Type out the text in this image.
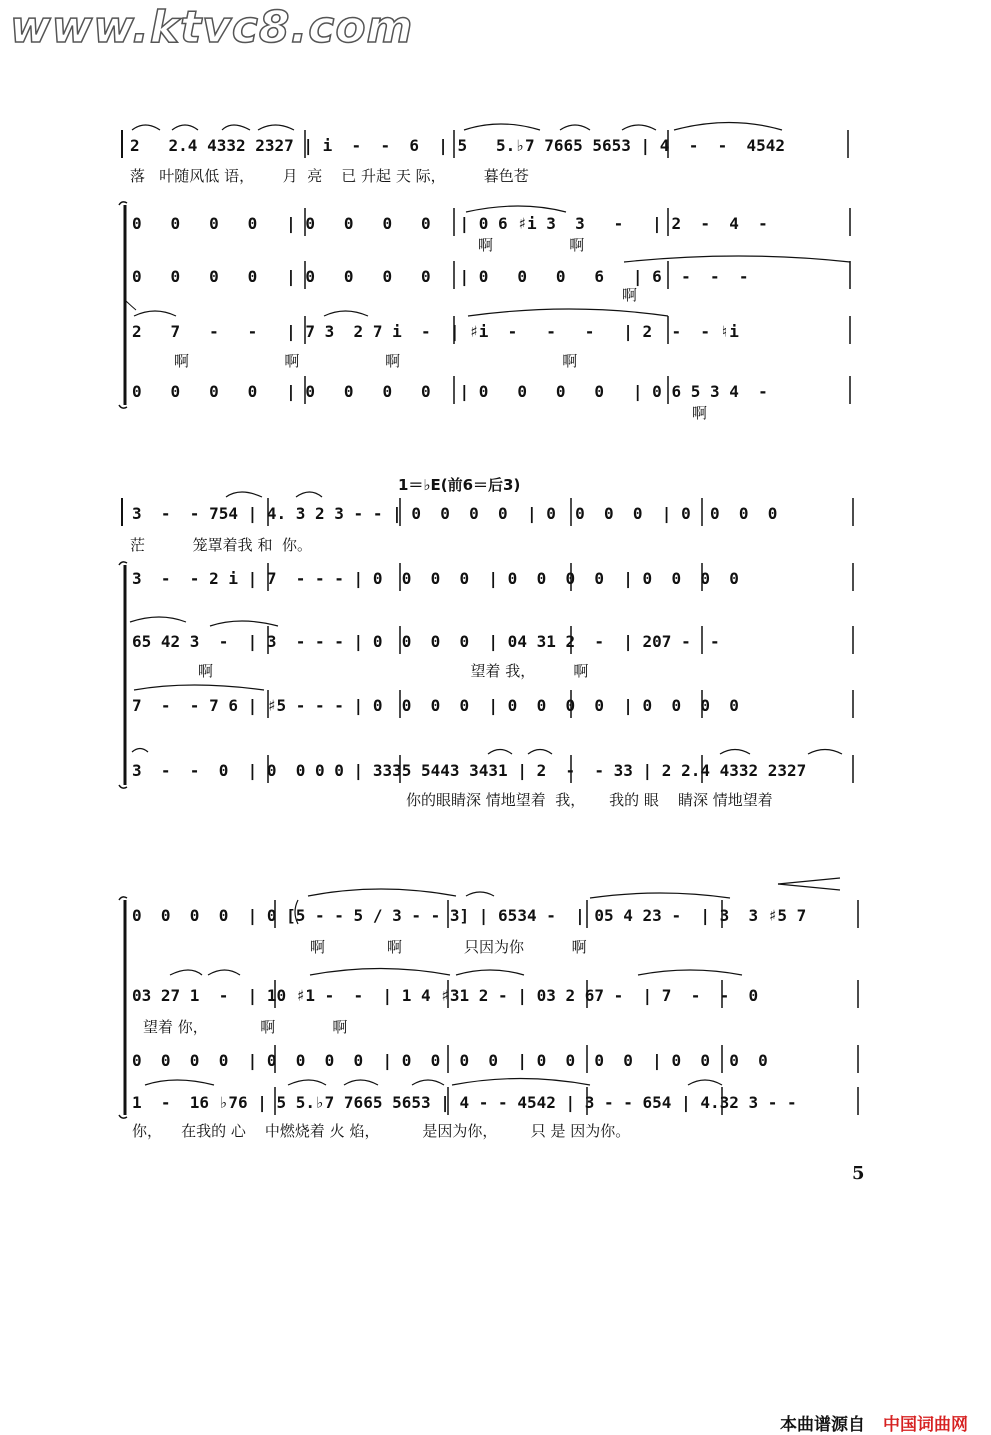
www.ktvc8.com
2   2.4 4332 2327 | i  -  -  6  | 5   5.♭7 7665 5653 | 4  -  -  4542
落   叶随风低 语，      月  亮    已 升起 天 际，        暮色苍
0   0   0   0   | 0   0   0   0   | 0 6 ♯i 3  3   -   | 2  -  4  -
啊                啊
0   0   0   0   | 0   0   0   0   | 0   0   0   6   | 6  -  -  -
啊
2   7   -   -   | 7 3  2 7 i  -  | ♯i  -   -   -   | 2  -  - ♮i
啊                    啊                  啊                                  啊
0   0   0   0   | 0   0   0   0   | 0   0   0   0   | 0 6 5 3 4  -
啊
1＝♭E(前6＝后3)
3  -  - 754 | 4. 3 2 3 - - | 0  0  0  0  | 0  0  0  0  | 0  0  0  0
茫          笼罩着我 和  你。
3  -  - 2 i | 7  - - - | 0  0  0  0  | 0  0  0  0  | 0  0  0  0
65 42 3  -  | 3  - - - | 0  0  0  0  | 04 31 2  -  | 207 -  -
啊                                                      望着 我，        啊
7  -  - 7 6 | ♯5 - - - | 0  0  0  0  | 0  0  0  0  | 0  0  0  0
3  -  -  0  | 0  0 0 0 | 3335 5443 3431 | 2  -  - 33 | 2 2.4 4332 2327
你的眼睛深 情地望着  我，     我的 眼    睛深 情地望着
0  0  0  0  | 0 [5 - - 5 / 3 - - 3] | 6534 -  | 05 4 23 -  | 3  3 ♯5 7
啊             啊             只因为你          啊
03 27 1  -  | 10 ♯1 -  -  | 1 4 ♯31 2 - | 03 2 67 -  | 7  -  -  0
望着 你，           啊            啊
0  0  0  0  | 0  0  0  0  | 0  0  0  0  | 0  0  0  0  | 0  0  0  0
1  -  16 ♭76 | 5 5.♭7 7665 5653 | 4 - - 4542 | 3 - - 654 | 4.32 3 - -
你，    在我的 心    中燃烧着 火 焰，         是因为你，       只 是 因为你。
5
本曲谱源自 中国词曲网
